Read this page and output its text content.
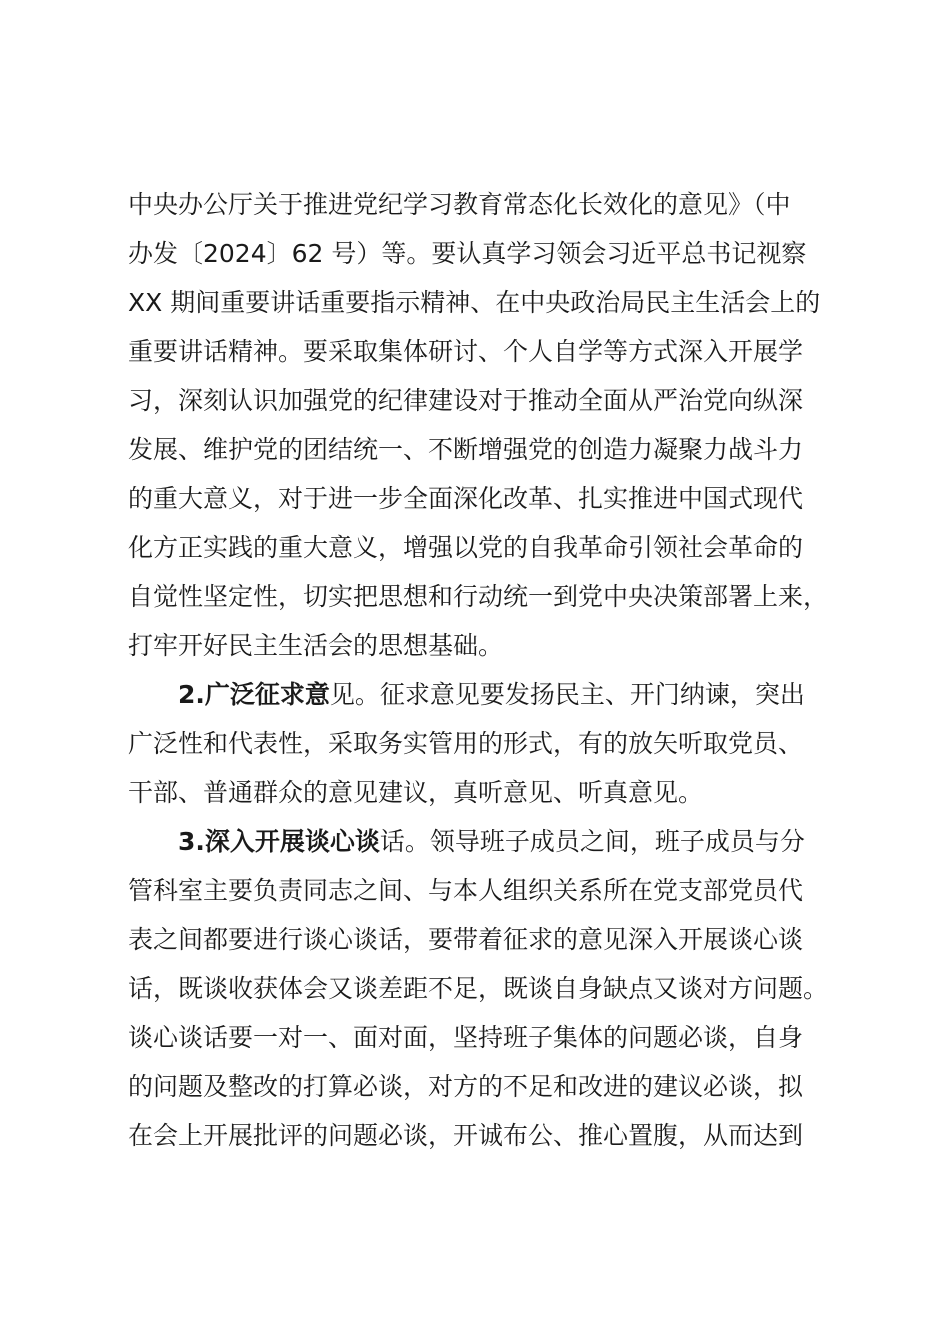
中央办公厅关于推进党纪学习教育常态化长效化的意见》（中
办发〔2024〕62 号）等。要认真学习领会习近平总书记视察
XX 期间重要讲话重要指示精神、在中央政治局民主生活会上的
重要讲话精神。要采取集体研讨、个人自学等方式深入开展学
习，深刻认识加强党的纪律建设对于推动全面从严治党向纵深
发展、维护党的团结统一、不断增强党的创造力凝聚力战斗力
的重大意义，对于进一步全面深化改革、扎实推进中国式现代
化方正实践的重大意义，增强以党的自我革命引领社会革命的
自觉性坚定性，切实把思想和行动统一到党中央决策部署上来，
打牢开好民主生活会的思想基础。
2.广泛征求意见。征求意见要发扬民主、开门纳谏，突出
广泛性和代表性，采取务实管用的形式，有的放矢听取党员、
干部、普通群众的意见建议，真听意见、听真意见。
3.深入开展谈心谈话。领导班子成员之间，班子成员与分
管科室主要负责同志之间、与本人组织关系所在党支部党员代
表之间都要进行谈心谈话，要带着征求的意见深入开展谈心谈
话，既谈收获体会又谈差距不足，既谈自身缺点又谈对方问题。
谈心谈话要一对一、面对面，坚持班子集体的问题必谈，自身
的问题及整改的打算必谈，对方的不足和改进的建议必谈，拟
在会上开展批评的问题必谈，开诚布公、推心置腹，从而达到
